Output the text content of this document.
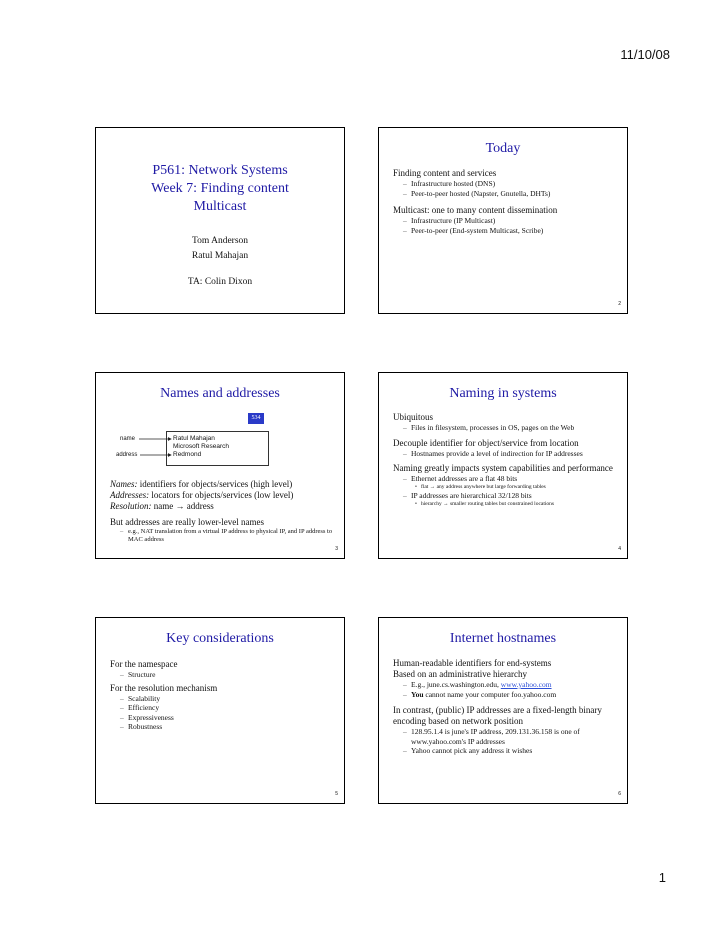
11/10/08
P561: Network Systems
Week 7: Finding content
Multicast
Tom Anderson
Ratul Mahajan
TA: Colin Dixon
Today

Finding content and services

– Infrastructure hosted (DNS)

– Peer-to-peer hosted (Napster, Gnutella, DHTs)

Multicast: one to many content dissemination

– Infrastructure (IP Multicast)

– Peer-to-peer (End-system Multicast, Scribe)

2
Names and addresses
534
name
address
Ratul Mahajan
Microsoft Research
Redmond

Names: identifiers for objects/services (high level)

Addresses: locators for objects/services (low level)

Resolution: name → address

But addresses are really lower-level names

– e.g., NAT translation from a virtual IP address to physical IP, and IP address to MAC address

3
Naming in systems

Ubiquitous

– Files in filesystem, processes in OS, pages on the Web

Decouple identifier for object/service from location

– Hostnames provide a level of indirection for IP addresses

Naming greatly impacts system capabilities and performance

– Ethernet addresses are a flat 48 bits

• flat → any address anywhere but large forwarding tables

– IP addresses are hierarchical 32/128 bits

• hierarchy → smaller routing tables but constrained locations

4
Key considerations

For the namespace

– Structure

For the resolution mechanism

– Scalability

– Efficiency

– Expressiveness

– Robustness

5
Internet hostnames

Human-readable identifiers for end-systems

Based on an administrative hierarchy

– E.g., june.cs.washington.edu, www.yahoo.com

– You cannot name your computer foo.yahoo.com

In contrast, (public) IP addresses are a fixed-length binary encoding based on network position

– 128.95.1.4 is june's IP address, 209.131.36.158 is one of www.yahoo.com's IP addresses

– Yahoo cannot pick any address it wishes

6
1
